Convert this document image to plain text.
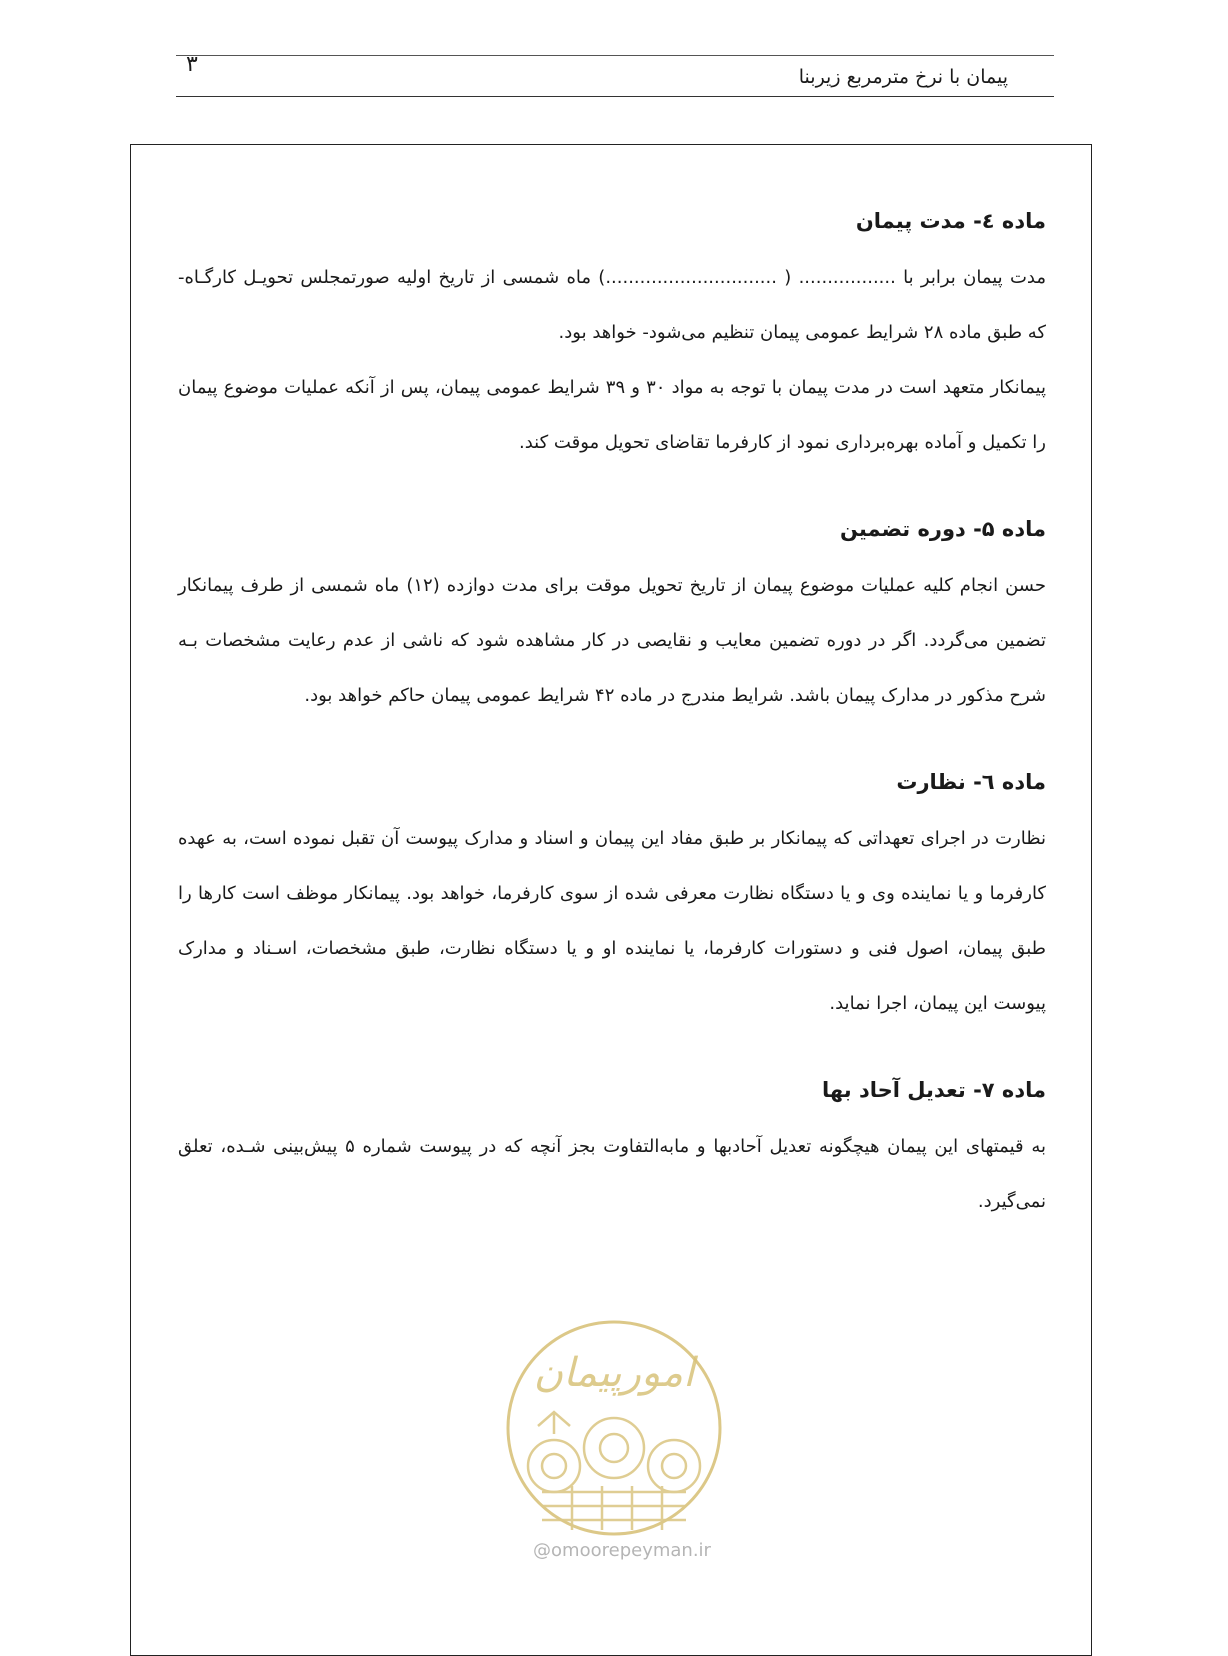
۳	پیمان با نرخ مترمربع زیربنا
ماده ٤- مدت پیمان

مدت پیمان برابر با ................. ( ..............................) ماه شمسی از تاریخ اولیه صورتمجلس تحویـل کارگـاه- که طبق ماده ۲۸ شرایط عمومی پیمان تنظیم می‌شود- خواهد بود.

پیمانکار متعهد است در مدت پیمان با توجه به مواد ۳۰ و ۳۹ شرایط عمومی پیمان، پس از آنکه عملیات موضوع پیمان را تکمیل و آماده بهره‌برداری نمود از کارفرما تقاضای تحویل موقت کند.

ماده ۵- دوره تضمین

حسن انجام کلیه عملیات موضوع پیمان از تاریخ تحویل موقت برای مدت دوازده (۱۲) ماه شمسی از طرف پیمانکار تضمین می‌گردد. اگر در دوره تضمین معایب و نقایصی در کار مشاهده شود که ناشی از عدم رعایت مشخصات بـه شرح مذکور در مدارک پیمان باشد. شرایط مندرج در ماده ۴۲ شرایط عمومی پیمان حاکم خواهد بود.

ماده ٦- نظارت

نظارت در اجرای تعهداتی که پیمانکار بر طبق مفاد این پیمان و اسناد و مدارک پیوست آن تقبل نموده است، به عهده کارفرما و یا نماینده وی و یا دستگاه نظارت معرفی شده از سوی کارفرما، خواهد بود. پیمانکار موظف است کارها را طبق پیمان، اصول فنی و دستورات کارفرما، یا نماینده او و یا دستگاه نظارت، طبق مشخصات، اسـناد و مدارک پیوست این پیمان، اجرا نماید.

ماده ۷- تعدیل آحاد بها

به قیمتهای این پیمان هیچگونه تعدیل آحادبها و مابه‌التفاوت بجز آنچه که در پیوست شماره ۵ پیش‌بینی شـده، تعلق نمی‌گیرد.

امورپیمان
@omoorepeyman.ir
